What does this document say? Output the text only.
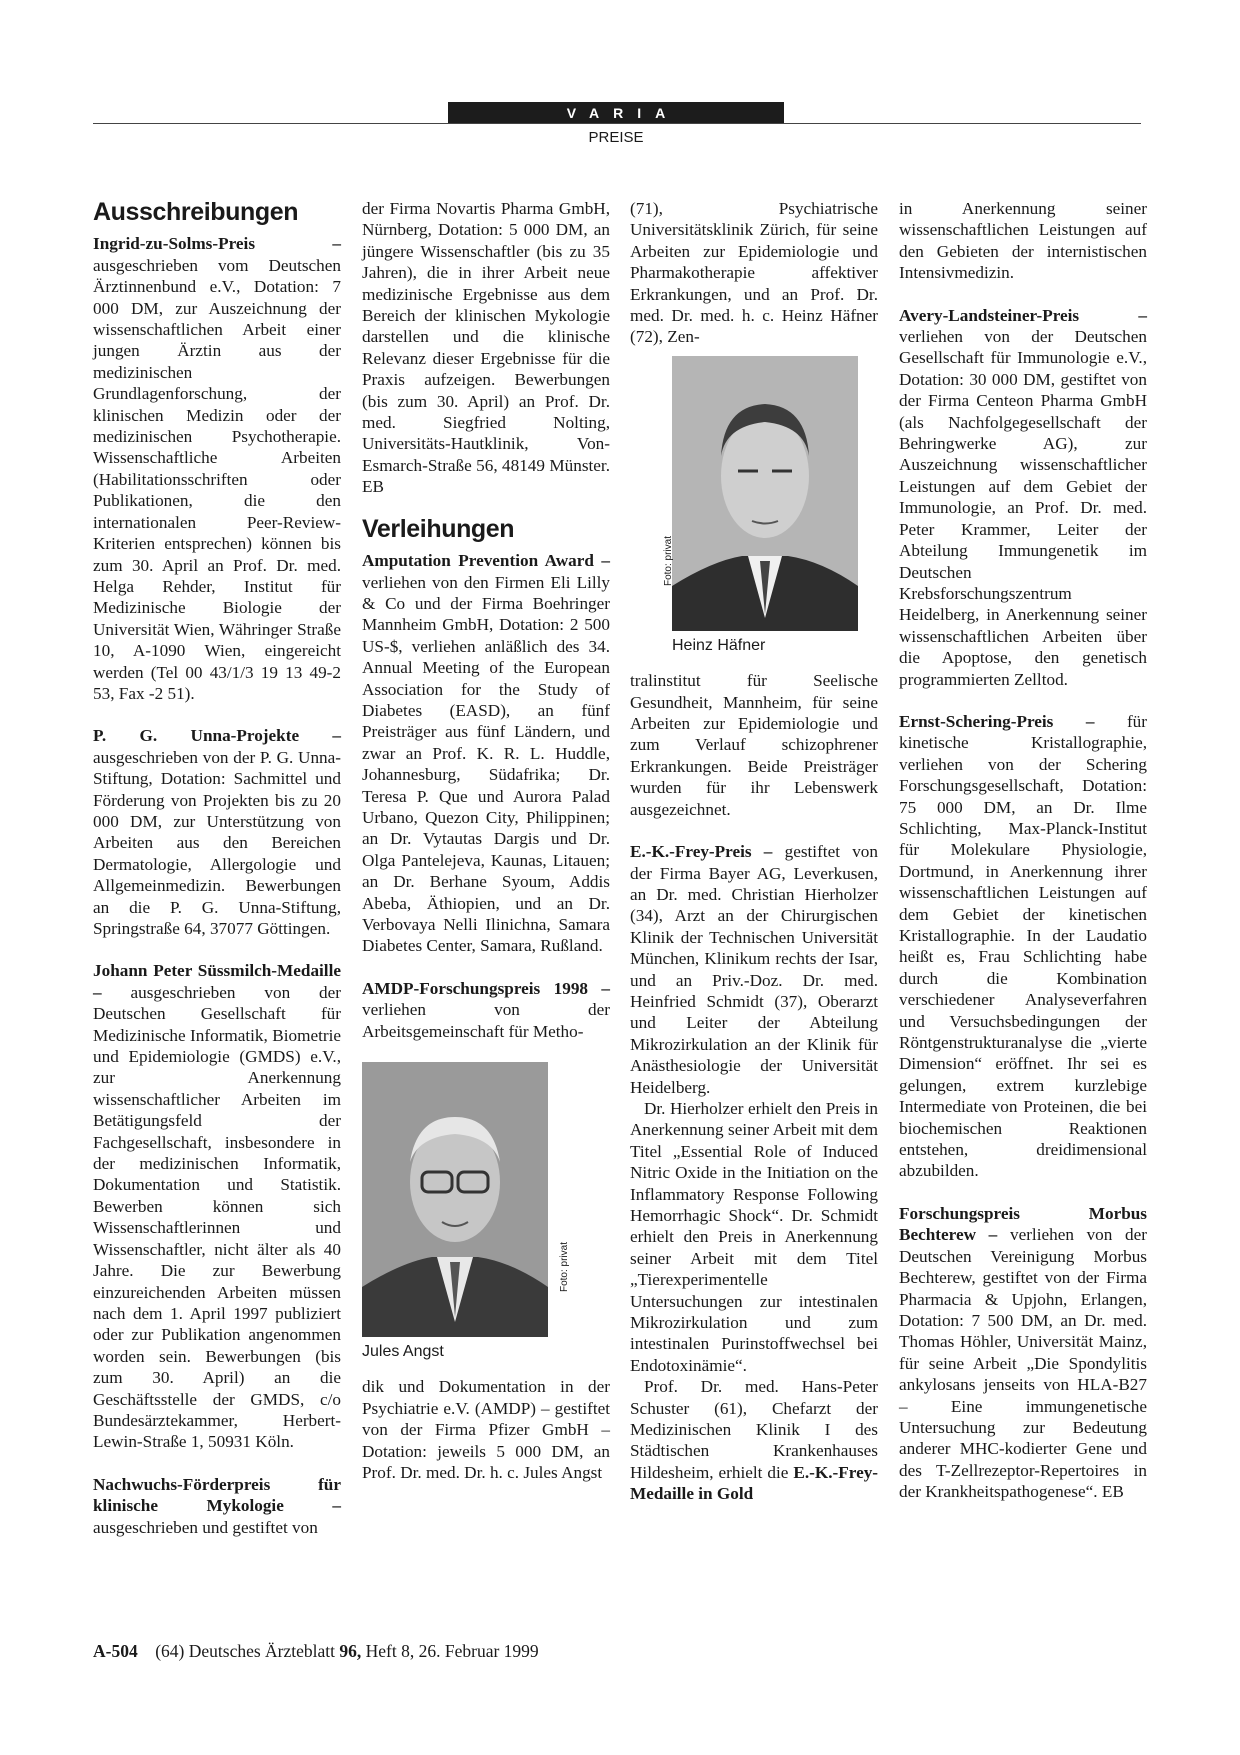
VARIA
PREISE
Ausschreibungen

Ingrid-zu-Solms-Preis – ausgeschrieben vom Deutschen Ärztinnenbund e.V., Dotation: 7 000 DM, zur Auszeichnung der wissenschaftlichen Arbeit einer jungen Ärztin aus der medizinischen Grundlagenforschung, der klinischen Medizin oder der medizinischen Psychotherapie. Wissenschaftliche Arbeiten (Habilitationsschriften oder Publikationen, die den internationalen Peer-Review-Kriterien entsprechen) können bis zum 30. April an Prof. Dr. med. Helga Rehder, Institut für Medizinische Biologie der Universität Wien, Währinger Straße 10, A-1090 Wien, eingereicht werden (Tel 00 43/1/3 19 13 49-2 53, Fax -2 51).

P. G. Unna-Projekte – ausgeschrieben von der P. G. Unna-Stiftung, Dotation: Sachmittel und Förderung von Projekten bis zu 20 000 DM, zur Unterstützung von Arbeiten aus den Bereichen Dermatologie, Allergologie und Allgemeinmedizin. Bewerbungen an die P. G. Unna-Stiftung, Springstraße 64, 37077 Göttingen.

Johann Peter Süssmilch-Medaille – ausgeschrieben von der Deutschen Gesellschaft für Medizinische Informatik, Biometrie und Epidemiologie (GMDS) e.V., zur Anerkennung wissenschaftlicher Arbeiten im Betätigungsfeld der Fachgesellschaft, insbesondere in der medizinischen Informatik, Dokumentation und Statistik. Bewerben können sich Wissenschaftlerinnen und Wissenschaftler, nicht älter als 40 Jahre. Die zur Bewerbung einzureichenden Arbeiten müssen nach dem 1. April 1997 publiziert oder zur Publikation angenommen worden sein. Bewerbungen (bis zum 30. April) an die Geschäftsstelle der GMDS, c/o Bundesärztekammer, Herbert-Lewin-Straße 1, 50931 Köln.

Nachwuchs-Förderpreis für klinische Mykologie – ausgeschrieben und gestiftet von

der Firma Novartis Pharma GmbH, Nürnberg, Dotation: 5 000 DM, an jüngere Wissenschaftler (bis zu 35 Jahren), die in ihrer Arbeit neue medizinische Ergebnisse aus dem Bereich der klinischen Mykologie darstellen und die klinische Relevanz dieser Ergebnisse für die Praxis aufzeigen. Bewerbungen (bis zum 30. April) an Prof. Dr. med. Siegfried Nolting, Universitäts-Hautklinik, Von-Esmarch-Straße 56, 48149 Münster. EB

Verleihungen

Amputation Prevention Award – verliehen von den Firmen Eli Lilly & Co und der Firma Boehringer Mannheim GmbH, Dotation: 2 500 US-$, verliehen anläßlich des 34. Annual Meeting of the European Association for the Study of Diabetes (EASD), an fünf Preisträger aus fünf Ländern, und zwar an Prof. K. R. L. Huddle, Johannesburg, Südafrika; Dr. Teresa P. Que und Aurora Palad Urbano, Quezon City, Philippinen; an Dr. Vytautas Dargis und Dr. Olga Pantelejeva, Kaunas, Litauen; an Dr. Berhane Syoum, Addis Abeba, Äthiopien, und an Dr. Verbovaya Nelli Ilinichna, Samara Diabetes Center, Samara, Rußland.

AMDP-Forschungspreis 1998 – verliehen von der Arbeitsgemeinschaft für Metho-

Foto: privat
Jules Angst

dik und Dokumentation in der Psychiatrie e.V. (AMDP) – gestiftet von der Firma Pfizer GmbH – Dotation: jeweils 5 000 DM, an Prof. Dr. med. Dr. h. c. Jules Angst

(71), Psychiatrische Universitätsklinik Zürich, für seine Arbeiten zur Epidemiologie und Pharmakotherapie affektiver Erkrankungen, und an Prof. Dr. med. Dr. med. h. c. Heinz Häfner (72), Zen-

Foto: privat
Heinz Häfner

tralinstitut für Seelische Gesundheit, Mannheim, für seine Arbeiten zur Epidemiologie und zum Verlauf schizophrener Erkrankungen. Beide Preisträger wurden für ihr Lebenswerk ausgezeichnet.

E.-K.-Frey-Preis – gestiftet von der Firma Bayer AG, Leverkusen, an Dr. med. Christian Hierholzer (34), Arzt an der Chirurgischen Klinik der Technischen Universität München, Klinikum rechts der Isar, und an Priv.-Doz. Dr. med. Heinfried Schmidt (37), Oberarzt und Leiter der Abteilung Mikrozirkulation an der Klinik für Anästhesiologie der Universität Heidelberg.

Dr. Hierholzer erhielt den Preis in Anerkennung seiner Arbeit mit dem Titel „Essential Role of Induced Nitric Oxide in the Initiation on the Inflammatory Response Following Hemorrhagic Shock“. Dr. Schmidt erhielt den Preis in Anerkennung seiner Arbeit mit dem Titel „Tierexperimentelle Untersuchungen zur intestinalen Mikrozirkulation und zum intestinalen Purinstoffwechsel bei Endotoxinämie“.

Prof. Dr. med. Hans-Peter Schuster (61), Chefarzt der Medizinischen Klinik I des Städtischen Krankenhauses Hildesheim, erhielt die E.-K.-Frey-Medaille in Gold

in Anerkennung seiner wissenschaftlichen Leistungen auf den Gebieten der internistischen Intensivmedizin.

Avery-Landsteiner-Preis – verliehen von der Deutschen Gesellschaft für Immunologie e.V., Dotation: 30 000 DM, gestiftet von der Firma Centeon Pharma GmbH (als Nachfolgegesellschaft der Behringwerke AG), zur Auszeichnung wissenschaftlicher Leistungen auf dem Gebiet der Immunologie, an Prof. Dr. med. Peter Krammer, Leiter der Abteilung Immungenetik im Deutschen Krebsforschungszentrum Heidelberg, in Anerkennung seiner wissenschaftlichen Arbeiten über die Apoptose, den genetisch programmierten Zelltod.

Ernst-Schering-Preis – für kinetische Kristallographie, verliehen von der Schering Forschungsgesellschaft, Dotation: 75 000 DM, an Dr. Ilme Schlichting, Max-Planck-Institut für Molekulare Physiologie, Dortmund, in Anerkennung ihrer wissenschaftlichen Leistungen auf dem Gebiet der kinetischen Kristallographie. In der Laudatio heißt es, Frau Schlichting habe durch die Kombination verschiedener Analyseverfahren und Versuchsbedingungen der Röntgenstrukturanalyse die „vierte Dimension“ eröffnet. Ihr sei es gelungen, extrem kurzlebige Intermediate von Proteinen, die bei biochemischen Reaktionen entstehen, dreidimensional abzubilden.

Forschungspreis Morbus Bechterew – verliehen von der Deutschen Vereinigung Morbus Bechterew, gestiftet von der Firma Pharmacia & Upjohn, Erlangen, Dotation: 7 500 DM, an Dr. med. Thomas Höhler, Universität Mainz, für seine Arbeit „Die Spondylitis ankylosans jenseits von HLA-B27 – Eine immungenetische Untersuchung zur Bedeutung anderer MHC-kodierter Gene und des T-Zellrezeptor-Repertoires in der Krankheitspathogenese“. EB

A-504 (64) Deutsches Ärzteblatt 96, Heft 8, 26. Februar 1999
